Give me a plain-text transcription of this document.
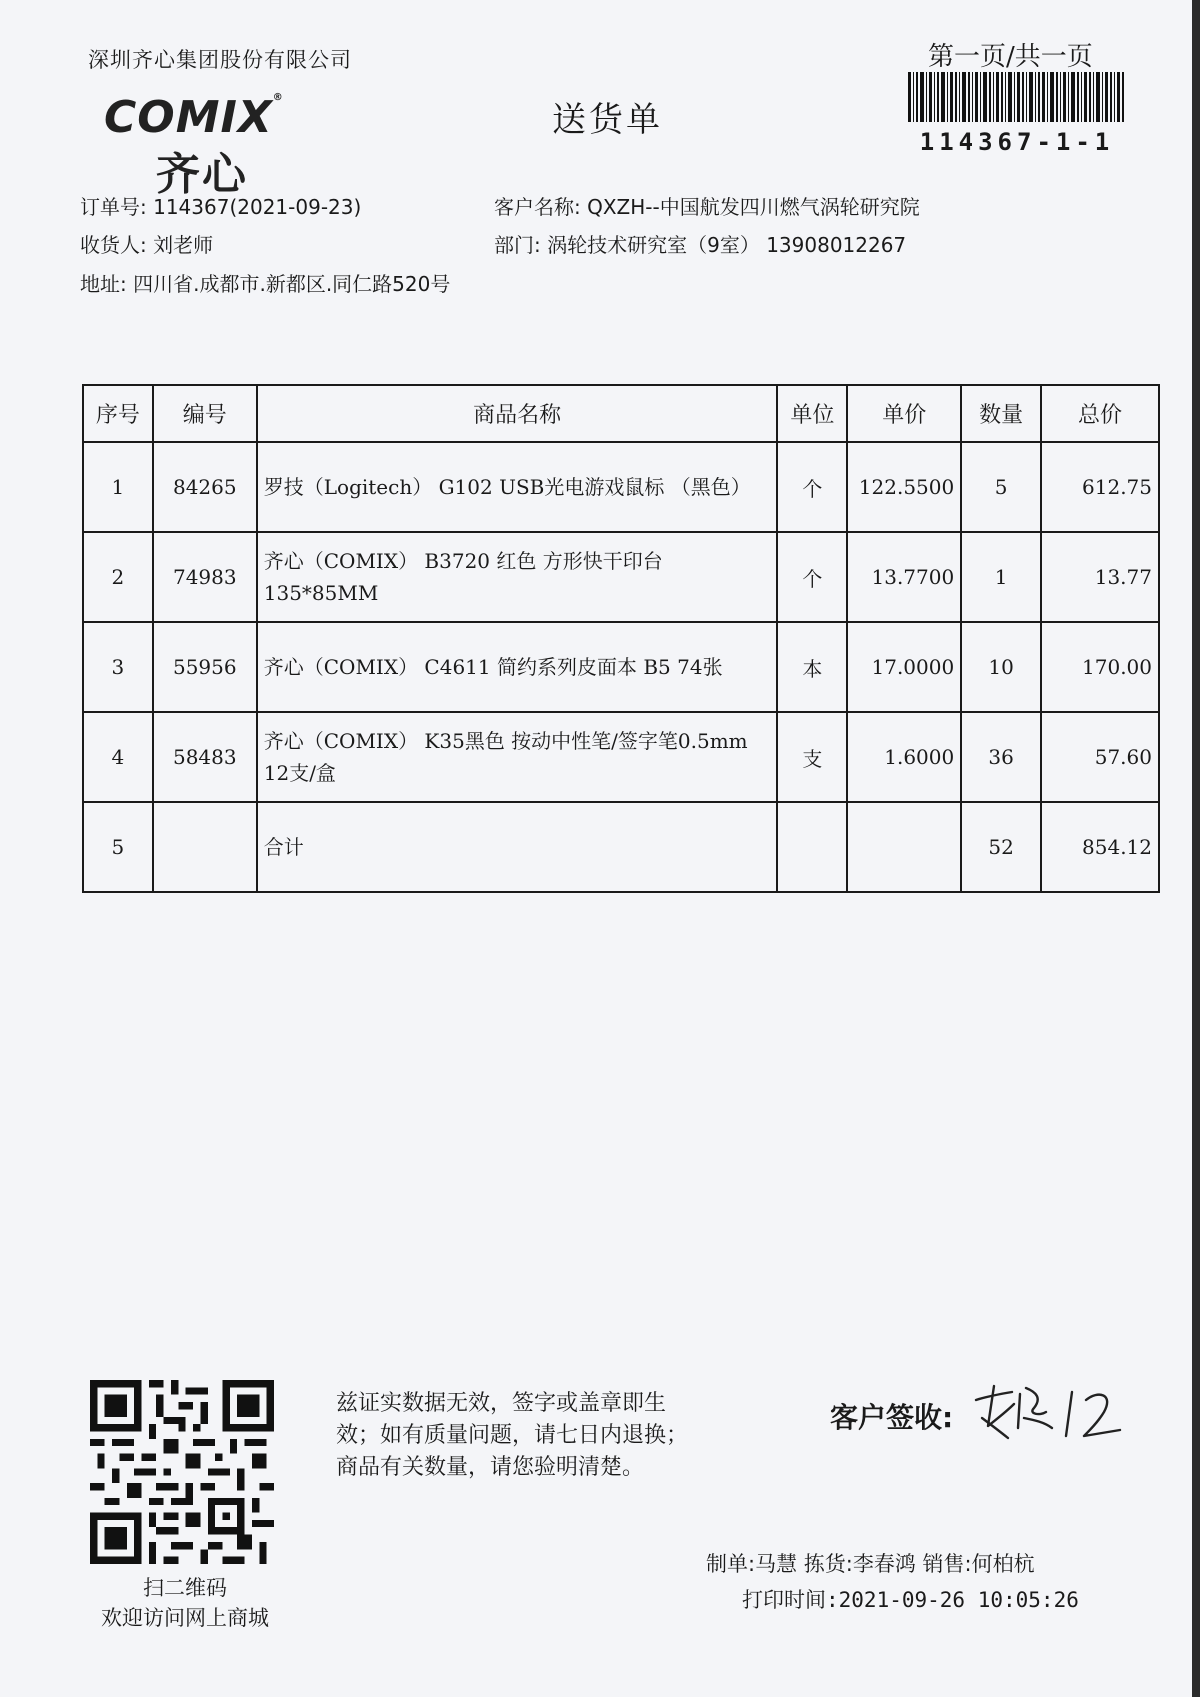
深圳齐心集团股份有限公司
COMIX®
齐心
送货单
第一页/共一页
114367-1-1
订单号: 114367(2021-09-23)
收货人: 刘老师
地址: 四川省.成都市.新都区.同仁路520号
客户名称: QXZH--中国航发四川燃气涡轮研究院
部门: 涡轮技术研究室（9室） 13908012267
序号	编号	商品名称	单位	单价	数量	总价
1	84265	罗技（Logitech） G102 USB光电游戏鼠标 （黑色）	个	122.5500	5	612.75
2	74983	齐心（COMIX） B3720 红色 方形快干印台
135*85MM	个	13.7700	1	13.77
3	55956	齐心（COMIX） C4611 简约系列皮面本 B5 74张	本	17.0000	10	170.00
4	58483	齐心（COMIX） K35黑色 按动中性笔/签字笔0.5mm
12支/盒	支	1.6000	36	57.60
5		合计			52	854.12
扫二维码
欢迎访问网上商城
兹证实数据无效，签字或盖章即生
效；如有质量问题，请七日内退换；
商品有关数量，请您验明清楚。
客户签收:
制单:马慧 拣货:李春鸿 销售:何柏杭
打印时间:2021-09-26 10:05:26
